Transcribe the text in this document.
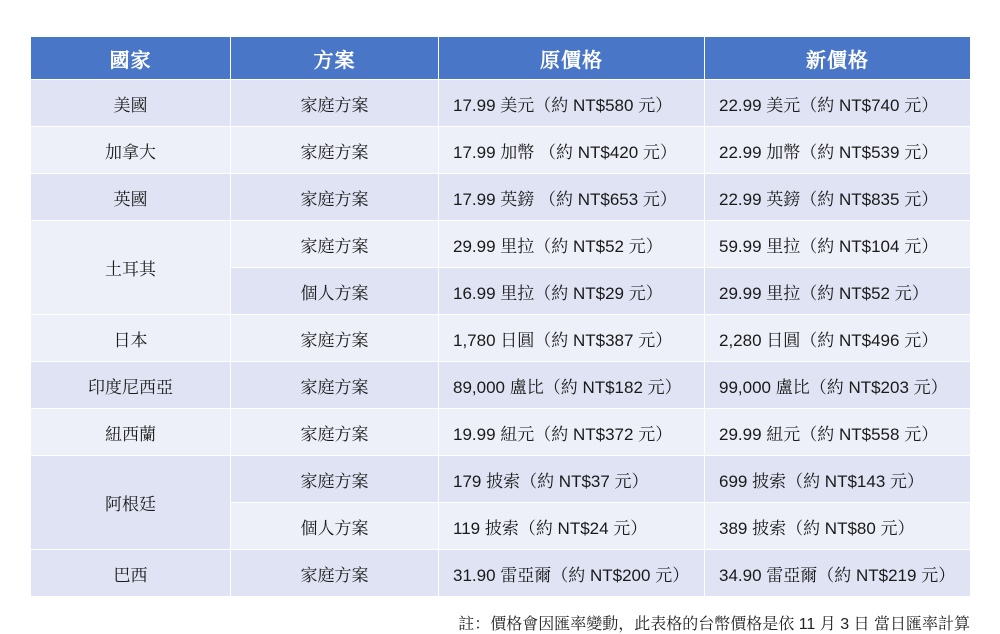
國家	方案	原價格	新價格
美國	家庭方案	17.99 美元（約 NT$580 元）	22.99 美元（約 NT$740 元）
加拿大	家庭方案	17.99 加幣 （約 NT$420 元）	22.99 加幣（約 NT$539 元）
英國	家庭方案	17.99 英鎊 （約 NT$653 元）	22.99 英鎊（約 NT$835 元）
土耳其	家庭方案	29.99 里拉（約 NT$52 元）	59.99 里拉（約 NT$104 元）
	個人方案	16.99 里拉（約 NT$29 元）	29.99 里拉（約 NT$52 元）
日本	家庭方案	1,780 日圓（約 NT$387 元）	2,280 日圓（約 NT$496 元）
印度尼西亞	家庭方案	89,000 盧比（約 NT$182 元）	99,000 盧比（約 NT$203 元）
紐西蘭	家庭方案	19.99 紐元（約 NT$372 元）	29.99 紐元（約 NT$558 元）
阿根廷	家庭方案	179 披索（約 NT$37 元）	699 披索（約 NT$143 元）
	個人方案	119 披索（約 NT$24 元）	389 披索（約 NT$80 元）
巴西	家庭方案	31.90 雷亞爾（約 NT$200 元）	34.90 雷亞爾（約 NT$219 元）
註：價格會因匯率變動，此表格的台幣價格是依 11 月 3 日 當日匯率計算
